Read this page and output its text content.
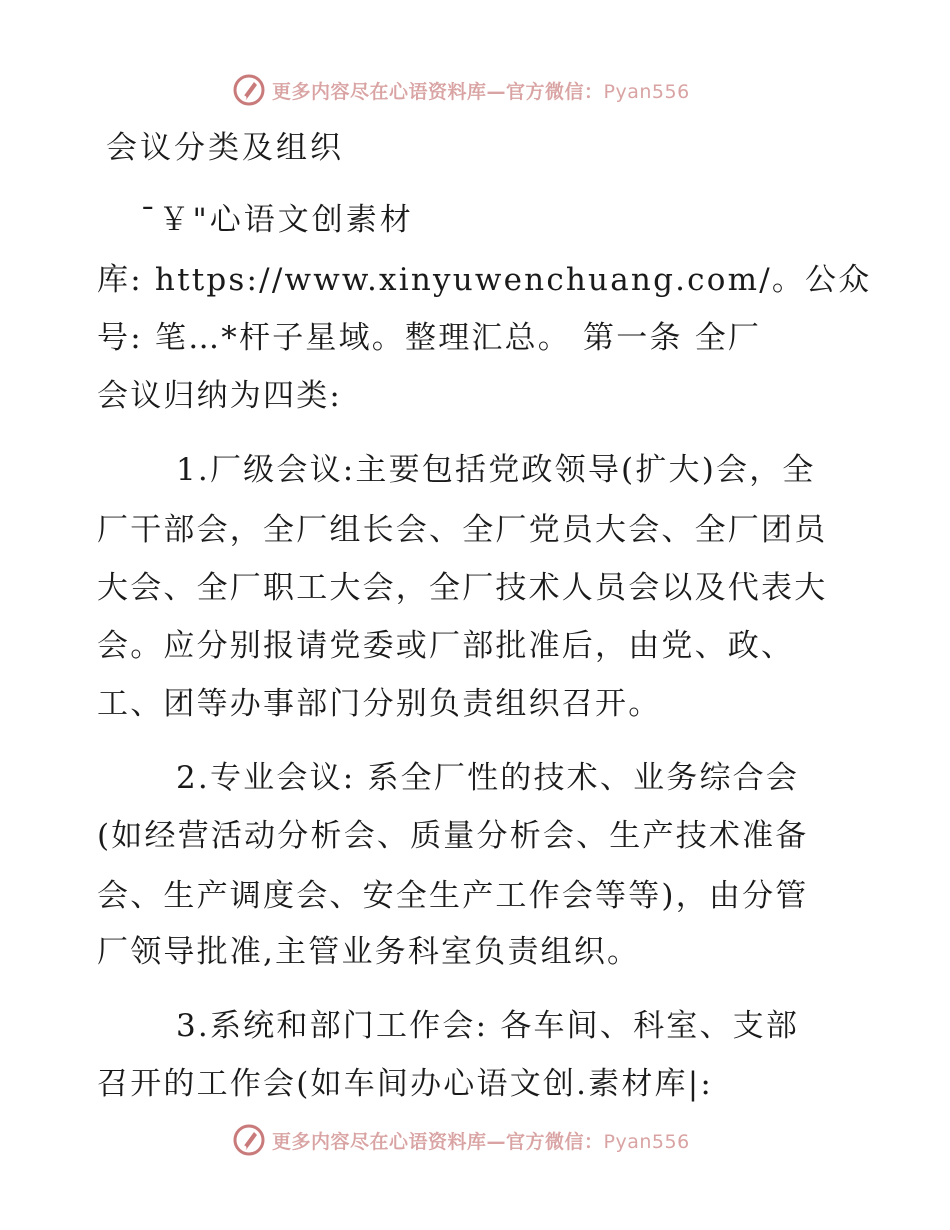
更多内容尽在心语资料库—官方微信：Pyan556
会议分类及组织
¯￥"心语文创素材
库: https://www.xinyuwenchuang.com/。公众
号: 笔…*杆子星域。整理汇总。 第一条 全厂
会议归纳为四类:
1.厂级会议:主要包括党政领导(扩大)会，全
厂干部会，全厂组长会、全厂党员大会、全厂团员
大会、全厂职工大会，全厂技术人员会以及代表大
会。应分别报请党委或厂部批准后，由党、政、
工、团等办事部门分别负责组织召开。
2.专业会议: 系全厂性的技术、业务综合会
(如经营活动分析会、质量分析会、生产技术准备
会、生产调度会、安全生产工作会等等)，由分管
厂领导批准,主管业务科室负责组织。
3.系统和部门工作会: 各车间、科室、支部
召开的工作会(如车间办心语文创.素材库|:
更多内容尽在心语资料库—官方微信：Pyan556
